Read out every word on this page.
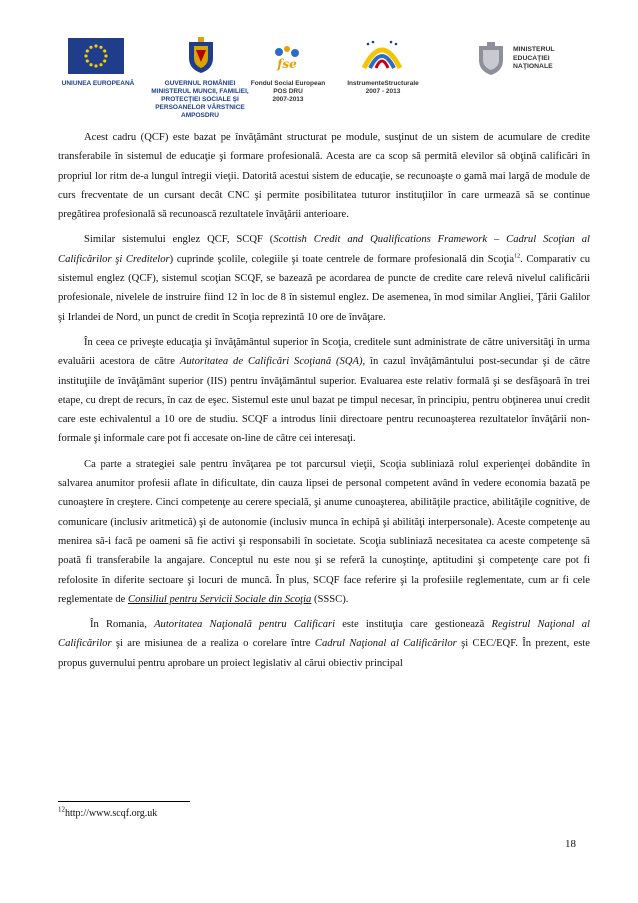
UNIUNEA EUROPEANĂ	GUVERNUL ROMÂNIEI
MINISTERUL MUNCII, FAMILIEI,
PROTECŢIEI SOCIALE ŞI
PERSOANELOR VÂRSTNICE
AMPOSDRU
fse
Fondul Social European
POS DRU
2007-2013
InstrumenteStructurale
2007 - 2013
MINISTERUL
EDUCAŢIEI
NAŢIONALE

Acest cadru (QCF) este bazat pe învăţământ structurat pe module, susţinut de un sistem de acumulare de credite transferabile în sistemul de educaţie şi formare profesională. Acesta are ca scop să permită elevilor să obţină calificări în propriul lor ritm de-a lungul întregii vieţii. Datorită acestui sistem de educaţie, se recunoaşte o gamă mai largă de module de curs frecventate de un cursant decât CNC şi permite posibilitatea tuturor instituţiilor în care urmează să se continue pregătirea profesională să recunoască rezultatele învăţării anterioare.

Similar sistemului englez QCF, SCQF (Scottish Credit and Qualifications Framework – Cadrul Scoţian al Calificărilor şi Creditelor) cuprinde şcolile, colegiile şi toate centrele de formare profesională din Scoţia$^{12}$. Comparativ cu sistemul englez (QCF), sistemul scoţian SCQF, se bazează pe acordarea de puncte de credite care relevă nivelul calificării profesionale, nivelele de instruire fiind 12 în loc de 8 în sistemul englez. De asemenea, în mod similar Angliei, Ţării Galilor şi Irlandei de Nord, un punct de credit în Scoţia reprezintă 10 ore de învăţare.

În ceea ce priveşte educaţia şi învăţământul superior în Scoţia, creditele sunt administrate de către universităţi în urma evaluării acestora de către Autoritatea de Calificări Scoţiană (SQA), în cazul învăţământului post-secundar şi de către instituţiile de învăţământ superior (IIS) pentru învăţământul superior. Evaluarea este relativ formală şi se desfăşoară în trei etape, cu drept de recurs, în caz de eşec. Sistemul este unul bazat pe timpul necesar, în principiu, pentru obţinerea unui credit care este echivalentul a 10 ore de studiu. SCQF a introdus linii directoare pentru recunoaşterea rezultatelor învăţării non-formale şi informale care pot fi accesate on-line de către cei interesaţi.

Ca parte a strategiei sale pentru învăţarea pe tot parcursul vieţii, Scoţia subliniază rolul experienţei dobândite în salvarea anumitor profesii aflate în dificultate, din cauza lipsei de personal competent având în vedere economia bazată pe cunoaştere în creştere. Cinci competenţe au cerere specială, şi anume cunoaşterea, abilităţile practice, abilităţile cognitive, de comunicare (inclusiv aritmetică) şi de autonomie (inclusiv munca în echipă şi abilităţi interpersonale). Aceste competenţe au menirea să-i facă pe oameni să fie activi şi responsabili în societate. Scoţia subliniază necesitatea ca aceste competenţe să poată fi transferabile la angajare. Conceptul nu este nou şi se referă la cunoştinţe, aptitudini şi competenţe care pot fi refolosite în diferite sectoare şi locuri de muncă. În plus, SCQF face referire şi la profesiile reglementate, cum ar fi cele reglementate de Consiliul pentru Servicii Sociale din Scoţia (SSSC).

În Romania, Autoritatea Naţională pentru Calificari este instituţia care gestionează Registrul Naţional al Calificărilor şi are misiunea de a realiza o corelare între Cadrul Naţional al Calificărilor şi CEC/EQF. În prezent, este propus guvernului pentru aprobare un proiect legislativ al cărui obiectiv principal

$^{12}$http://www.scqf.org.uk
18
